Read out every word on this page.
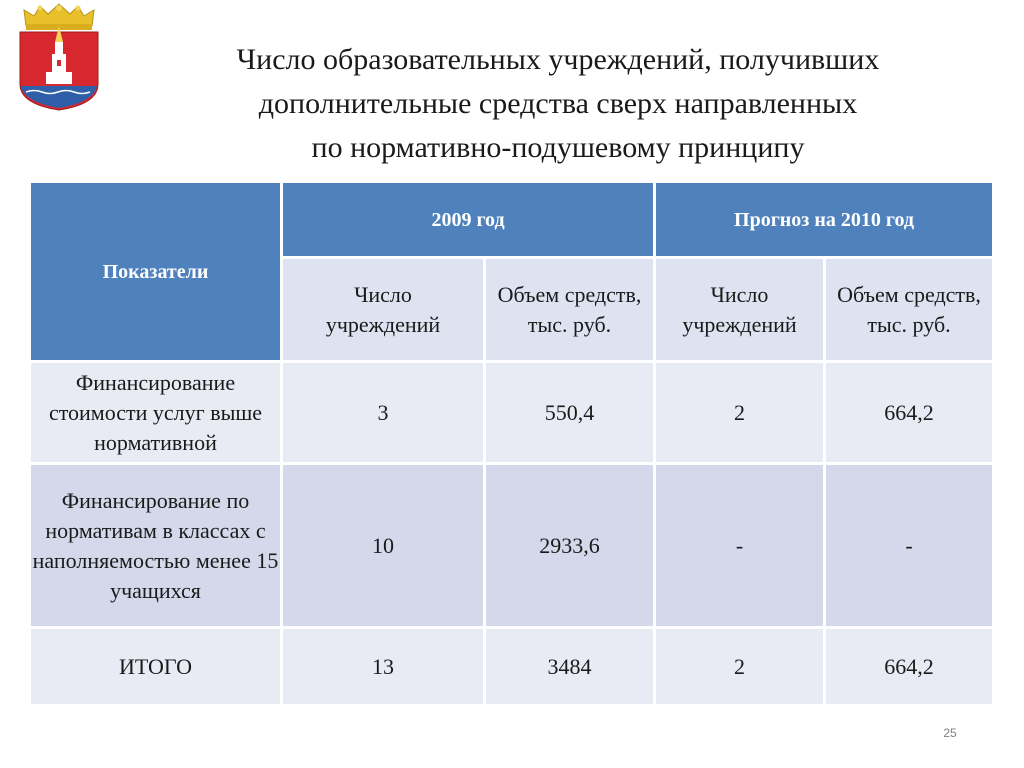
Число образовательных учреждений, получивших
дополнительные средства сверх направленных
по нормативно-подушевому принципу
Показатели	2009 год		Прогноз на 2010 год	
	Число учреждений	Объем средств, тыс. руб.	Число учреждений	Объем средств, тыс. руб.
Финансирование стоимости услуг выше нормативной	3	550,4	2	664,2
Финансирование по нормативам в классах с наполняемостью менее 15 учащихся	10	2933,6	-	-
ИТОГО	13	3484	2	664,2
25
